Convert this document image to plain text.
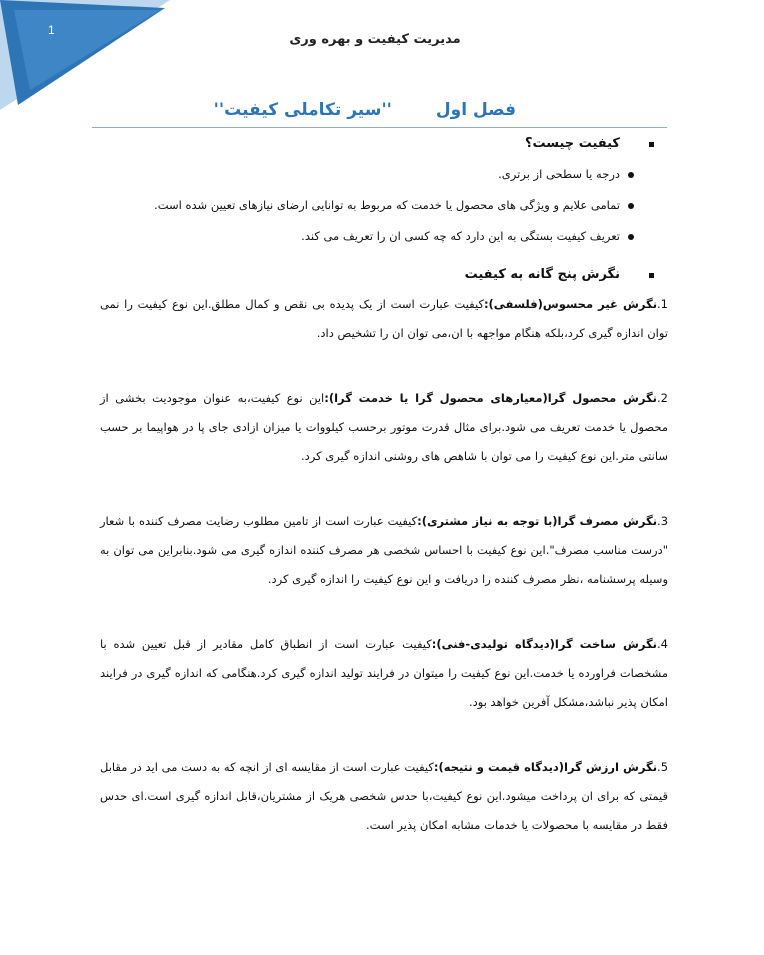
1
مدیریت کیفیت و بهره وری
فصل اول''سیر تکاملی کیفیت''
کیفیت چیست؟
درجه یا سطحی از برتری.
تمامی علایم و ویژگی های محصول یا خدمت که مربوط به توانایی ارضای نیازهای تعیین شده است.
تعریف کیفیت بستگی به این دارد که چه کسی ان را تعریف می کند.
نگرش پنج گانه به کیفیت

1.نگرش غیر محسوس(فلسفی):کیفیت عبارت است از یک پدیده بی نقص و کمال مطلق.این نوع کیفیت را نمی توان اندازه گیری کرد،بلکه هنگام مواجهه با ان،می توان ان را تشخیص داد.

2.نگرش محصول گرا(معیارهای محصول گرا یا خدمت گرا):این نوع کیفیت،به عنوان موجودیت بخشی از محصول یا خدمت تعریف می شود.برای مثال قدرت موتور برحسب کیلووات یا میزان ازادی جای پا در هواپیما بر حسب سانتی متر.این نوع کیفیت را می توان با شاهص های روشنی اندازه گیری کرد.

3.نگرش مصرف گرا(با توجه به نیاز مشتری):کیفیت عبارت است از تامین مطلوب رضایت مصرف کننده با شعار "درست مناسب مصرف".این نوع کیفیت با احساس شخصی هر مصرف کننده اندازه گیری می شود.بنابراین می توان به وسیله پرسشنامه ،نظر مصرف کننده را دریافت و این نوع کیفیت را اندازه گیری کرد.

4.نگرش ساخت گرا(دیدگاه تولیدی-فنی):کیفیت عبارت است از انطباق کامل مقادیر از قبل تعیین شده با مشخصات فراورده یا خدمت.این نوع کیفیت را میتوان در فرایند تولید اندازه گیری کرد.هنگامی که اندازه گیری در فرایند امکان پذیر نباشد،مشکل آفرین خواهد بود.

5.نگرش ارزش گرا(دیدگاه قیمت و نتیجه):کیفیت عبارت است از مقایسه ای از انچه که به دست می اید در مقابل قیمتی که برای ان پرداخت میشود.این نوع کیفیت،با حدس شخصی هریک از مشتریان،قابل اندازه گیری است.ای حدس فقط در مقایسه با محصولات یا خدمات مشابه امکان پذیر است.
